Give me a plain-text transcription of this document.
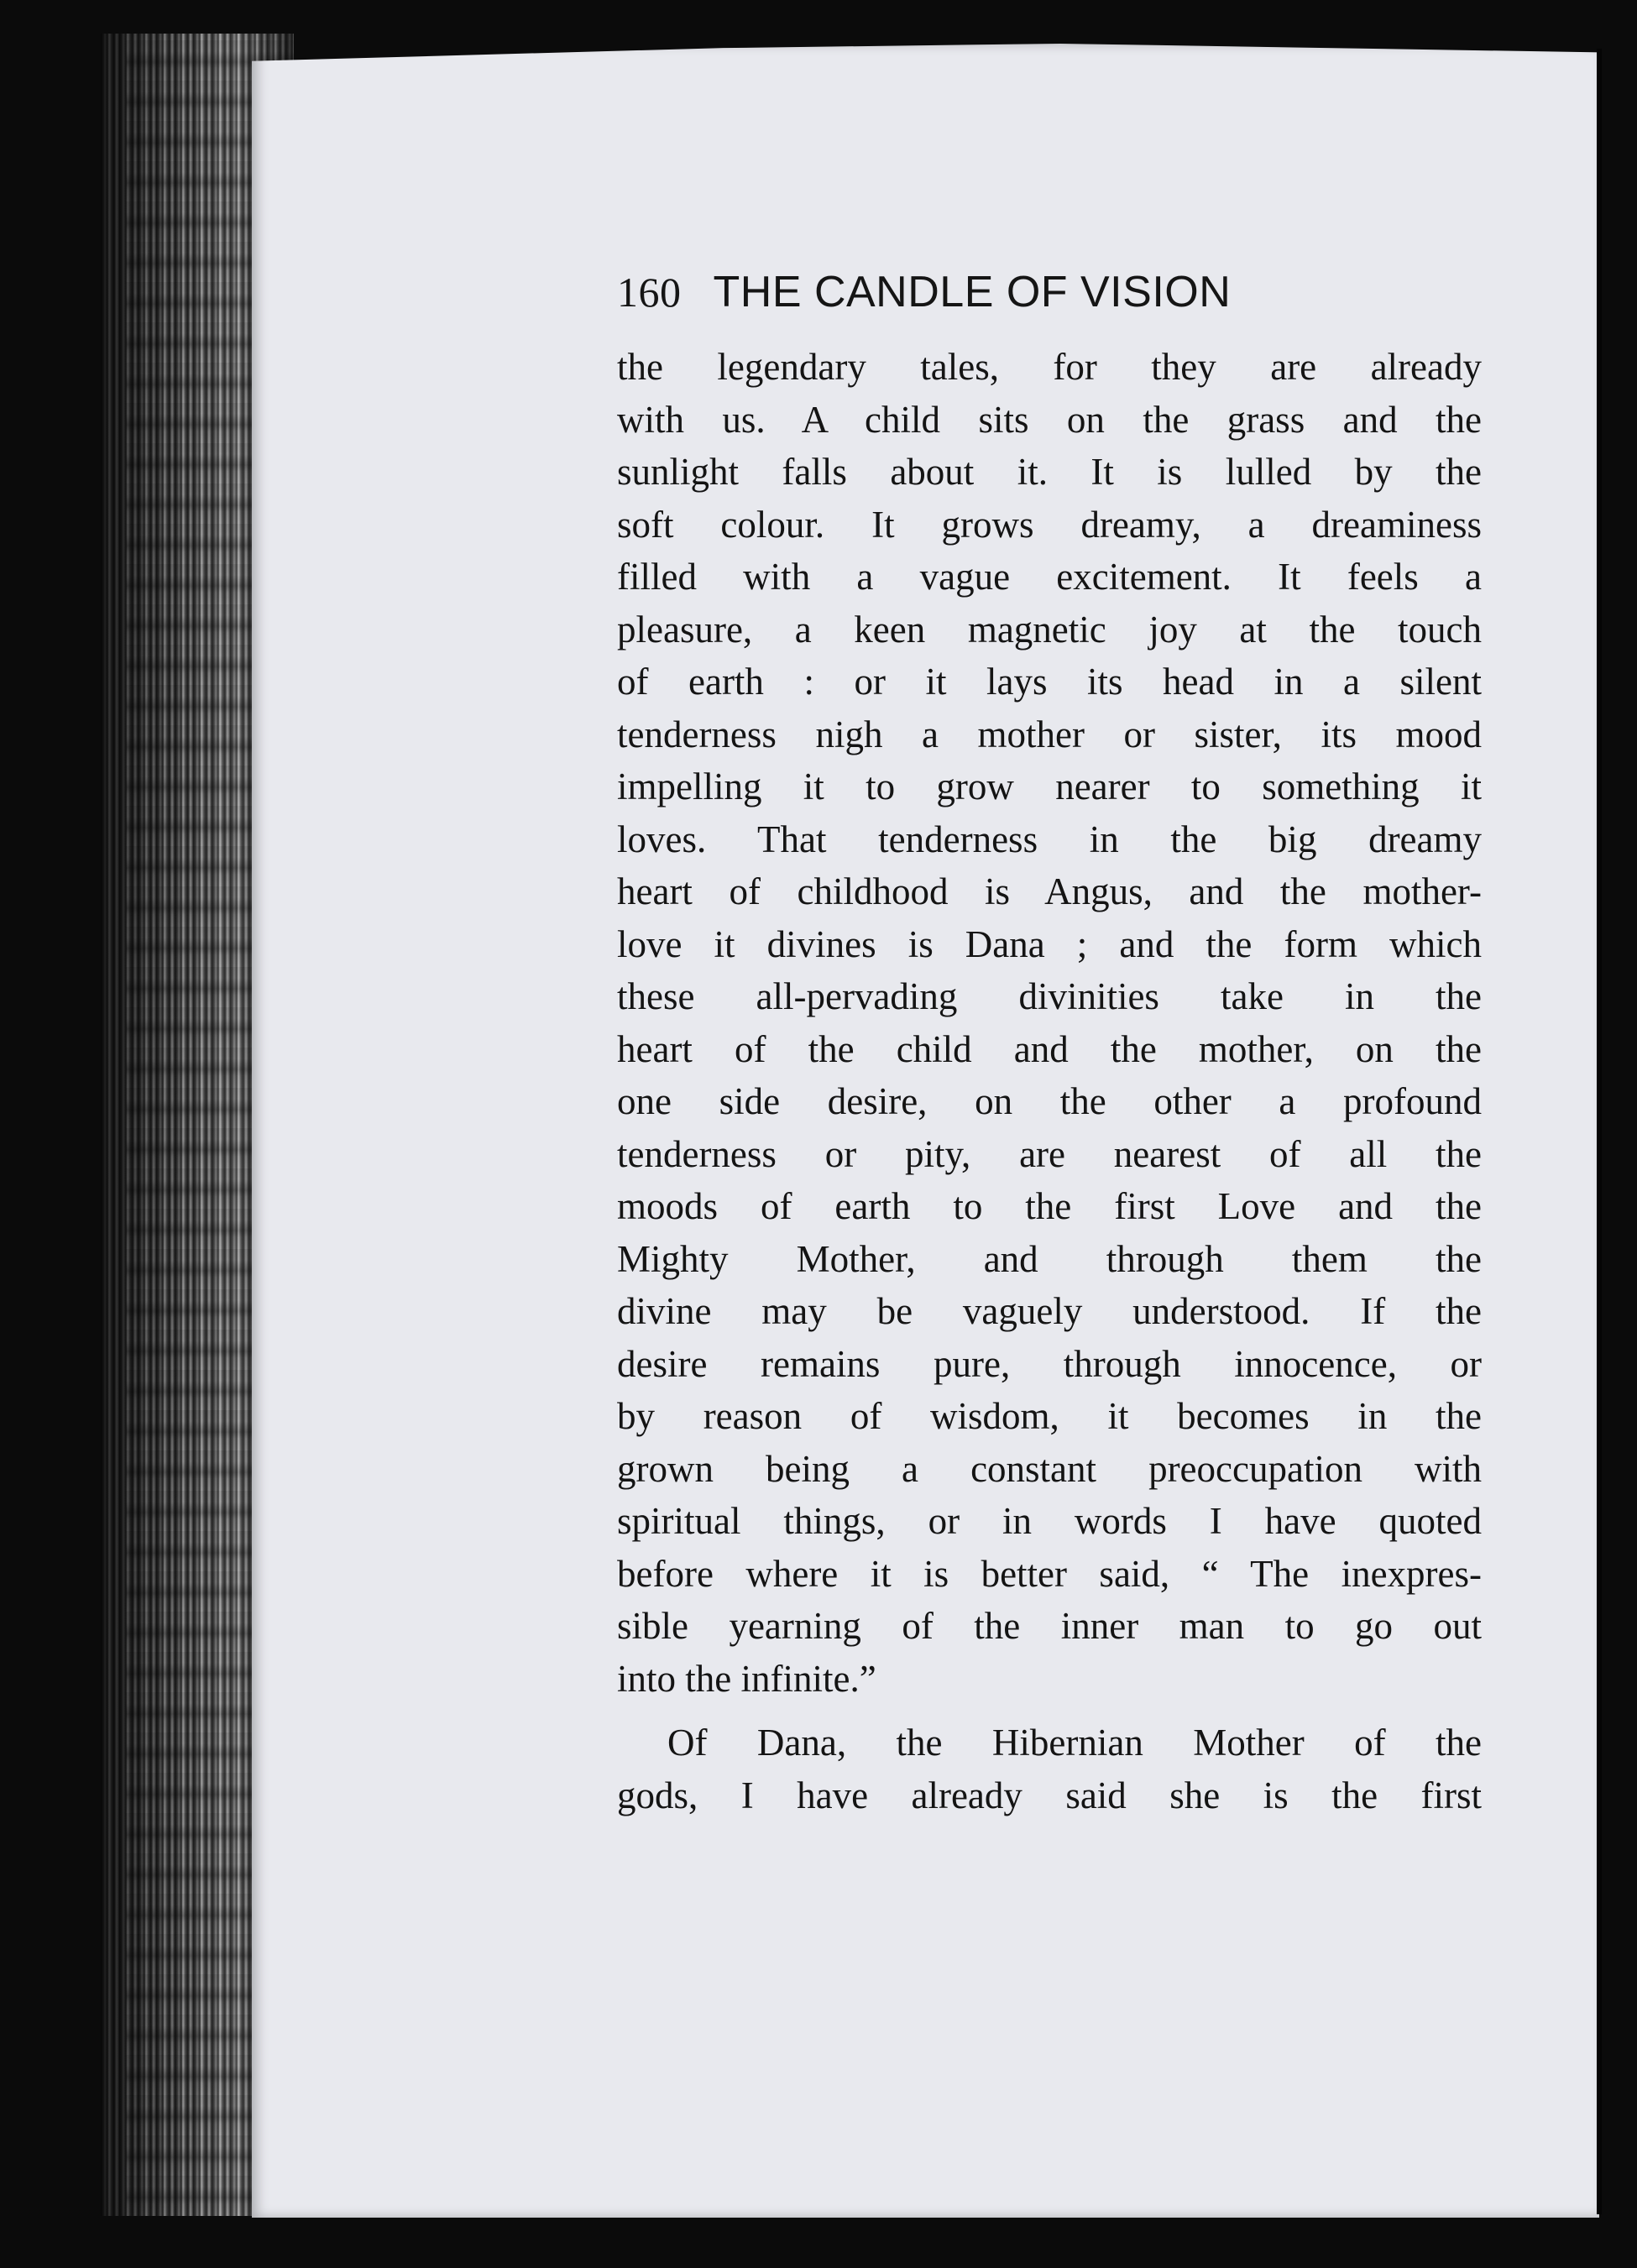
160 THE CANDLE OF VISION
the legendary tales, for they are already
with us. A child sits on the grass and the
sunlight falls about it. It is lulled by the
soft colour. It grows dreamy, a dreaminess
filled with a vague excitement. It feels a
pleasure, a keen magnetic joy at the touch
of earth : or it lays its head in a silent
tenderness nigh a mother or sister, its mood
impelling it to grow nearer to something it
loves. That tenderness in the big dreamy
heart of childhood is Angus, and the mother-
love it divines is Dana ; and the form which
these all-pervading divinities take in the
heart of the child and the mother, on the
one side desire, on the other a profound
tenderness or pity, are nearest of all the
moods of earth to the first Love and the
Mighty Mother, and through them the
divine may be vaguely understood. If the
desire remains pure, through innocence, or
by reason of wisdom, it becomes in the
grown being a constant preoccupation with
spiritual things, or in words I have quoted
before where it is better said, “ The inexpres-
sible yearning of the inner man to go out
into the infinite.”
Of Dana, the Hibernian Mother of the
gods, I have already said she is the first
